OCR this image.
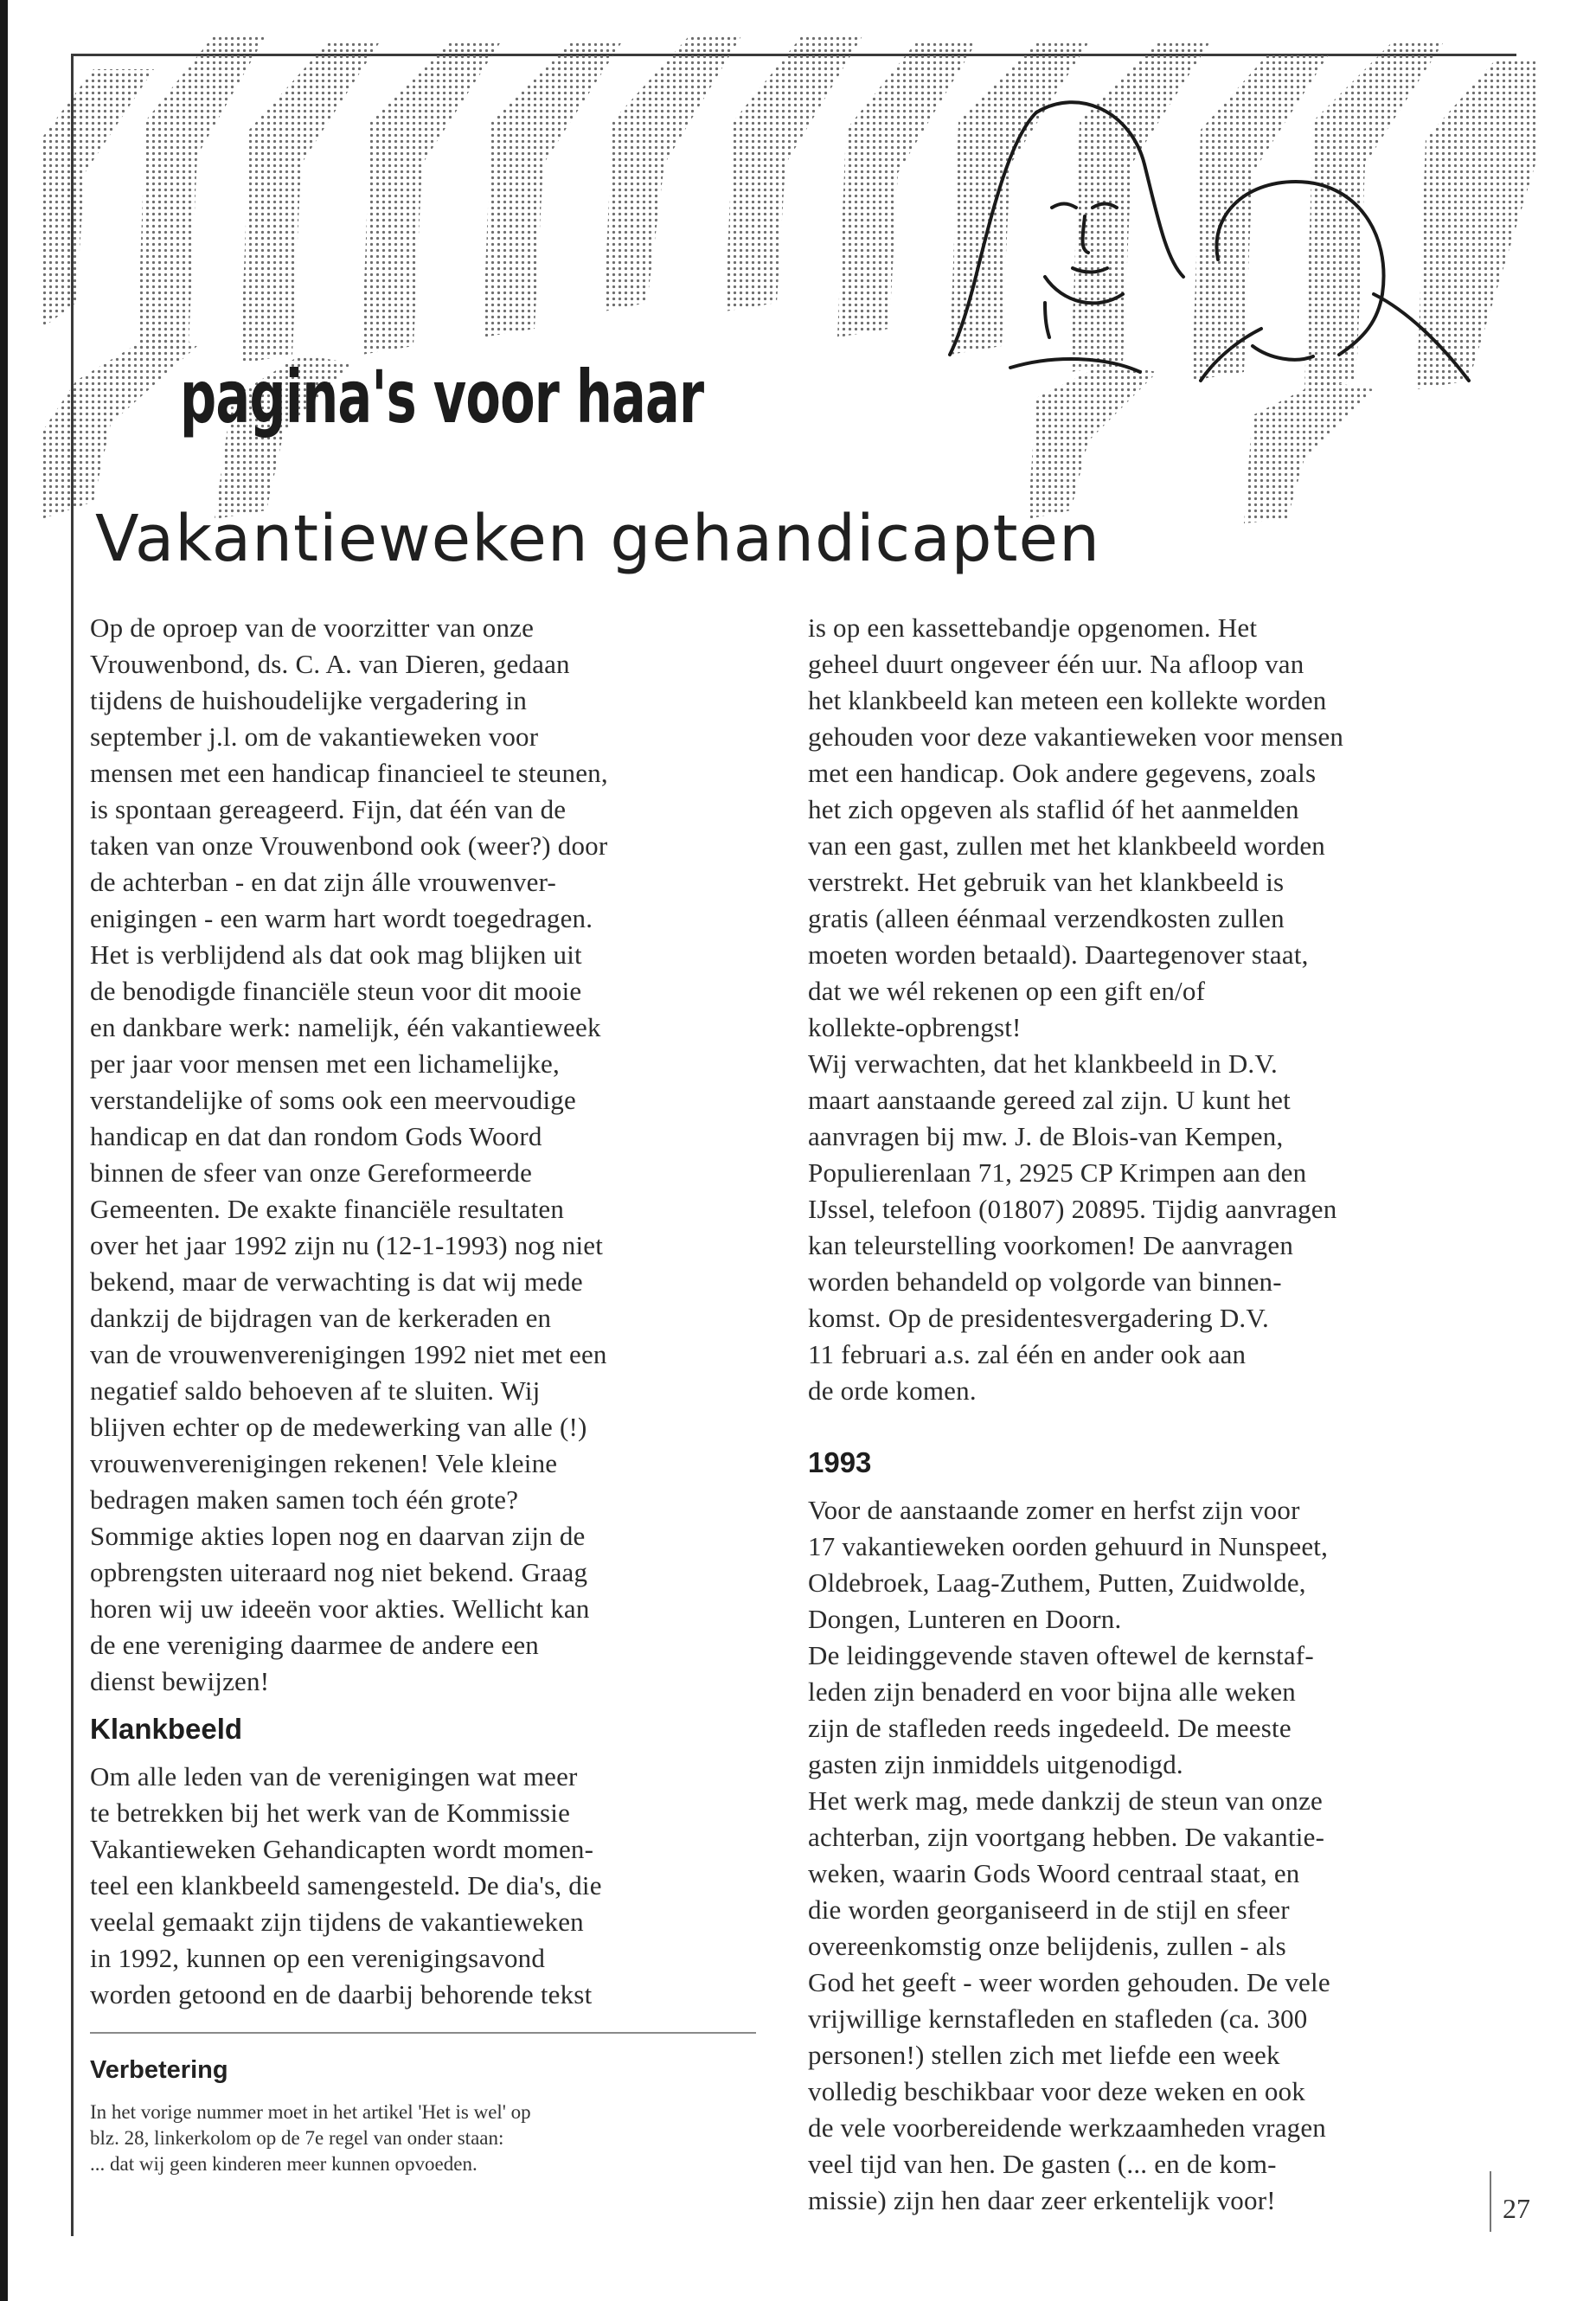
pagina's voor haar
Vakantieweken gehandicapten
Op de oproep van de voorzitter van onze
Vrouwenbond, ds. C. A. van Dieren, gedaan
tijdens de huishoudelijke vergadering in
september j.l. om de vakantieweken voor
mensen met een handicap financieel te steunen,
is spontaan gereageerd. Fijn, dat één van de
taken van onze Vrouwenbond ook (weer?) door
de achterban - en dat zijn álle vrouwenver-
enigingen - een warm hart wordt toegedragen.
Het is verblijdend als dat ook mag blijken uit
de benodigde financiële steun voor dit mooie
en dankbare werk: namelijk, één vakantieweek
per jaar voor mensen met een lichamelijke,
verstandelijke of soms ook een meervoudige
handicap en dat dan rondom Gods Woord
binnen de sfeer van onze Gereformeerde
Gemeenten. De exakte financiële resultaten
over het jaar 1992 zijn nu (12-1-1993) nog niet
bekend, maar de verwachting is dat wij mede
dankzij de bijdragen van de kerkeraden en
van de vrouwenverenigingen 1992 niet met een
negatief saldo behoeven af te sluiten. Wij
blijven echter op de medewerking van alle (!)
vrouwenverenigingen rekenen! Vele kleine
bedragen maken samen toch één grote?
Sommige akties lopen nog en daarvan zijn de
opbrengsten uiteraard nog niet bekend. Graag
horen wij uw ideeën voor akties. Wellicht kan
de ene vereniging daarmee de andere een
dienst bewijzen!
Klankbeeld
Om alle leden van de verenigingen wat meer
te betrekken bij het werk van de Kommissie
Vakantieweken Gehandicapten wordt momen-
teel een klankbeeld samengesteld. De dia's, die
veelal gemaakt zijn tijdens de vakantieweken
in 1992, kunnen op een verenigingsavond
worden getoond en de daarbij behorende tekst
Verbetering
In het vorige nummer moet in het artikel 'Het is wel' op
blz. 28, linkerkolom op de 7e regel van onder staan:
... dat wij geen kinderen meer kunnen opvoeden.
is op een kassettebandje opgenomen. Het
geheel duurt ongeveer één uur. Na afloop van
het klankbeeld kan meteen een kollekte worden
gehouden voor deze vakantieweken voor mensen
met een handicap. Ook andere gegevens, zoals
het zich opgeven als staflid óf het aanmelden
van een gast, zullen met het klankbeeld worden
verstrekt. Het gebruik van het klankbeeld is
gratis (alleen éénmaal verzendkosten zullen
moeten worden betaald). Daartegenover staat,
dat we wél rekenen op een gift en/of
kollekte-opbrengst!
Wij verwachten, dat het klankbeeld in D.V.
maart aanstaande gereed zal zijn. U kunt het
aanvragen bij mw. J. de Blois-van Kempen,
Populierenlaan 71, 2925 CP Krimpen aan den
IJssel, telefoon (01807) 20895. Tijdig aanvragen
kan teleurstelling voorkomen! De aanvragen
worden behandeld op volgorde van binnen-
komst. Op de presidentesvergadering D.V.
11 februari a.s. zal één en ander ook aan
de orde komen.
1993
Voor de aanstaande zomer en herfst zijn voor
17 vakantieweken oorden gehuurd in Nunspeet,
Oldebroek, Laag-Zuthem, Putten, Zuidwolde,
Dongen, Lunteren en Doorn.
De leidinggevende staven oftewel de kernstaf-
leden zijn benaderd en voor bijna alle weken
zijn de stafleden reeds ingedeeld. De meeste
gasten zijn inmiddels uitgenodigd.
Het werk mag, mede dankzij de steun van onze
achterban, zijn voortgang hebben. De vakantie-
weken, waarin Gods Woord centraal staat, en
die worden georganiseerd in de stijl en sfeer
overeenkomstig onze belijdenis, zullen - als
God het geeft - weer worden gehouden. De vele
vrijwillige kernstafleden en stafleden (ca. 300
personen!) stellen zich met liefde een week
volledig beschikbaar voor deze weken en ook
de vele voorbereidende werkzaamheden vragen
veel tijd van hen. De gasten (... en de kom-
missie) zijn hen daar zeer erkentelijk voor!	27
